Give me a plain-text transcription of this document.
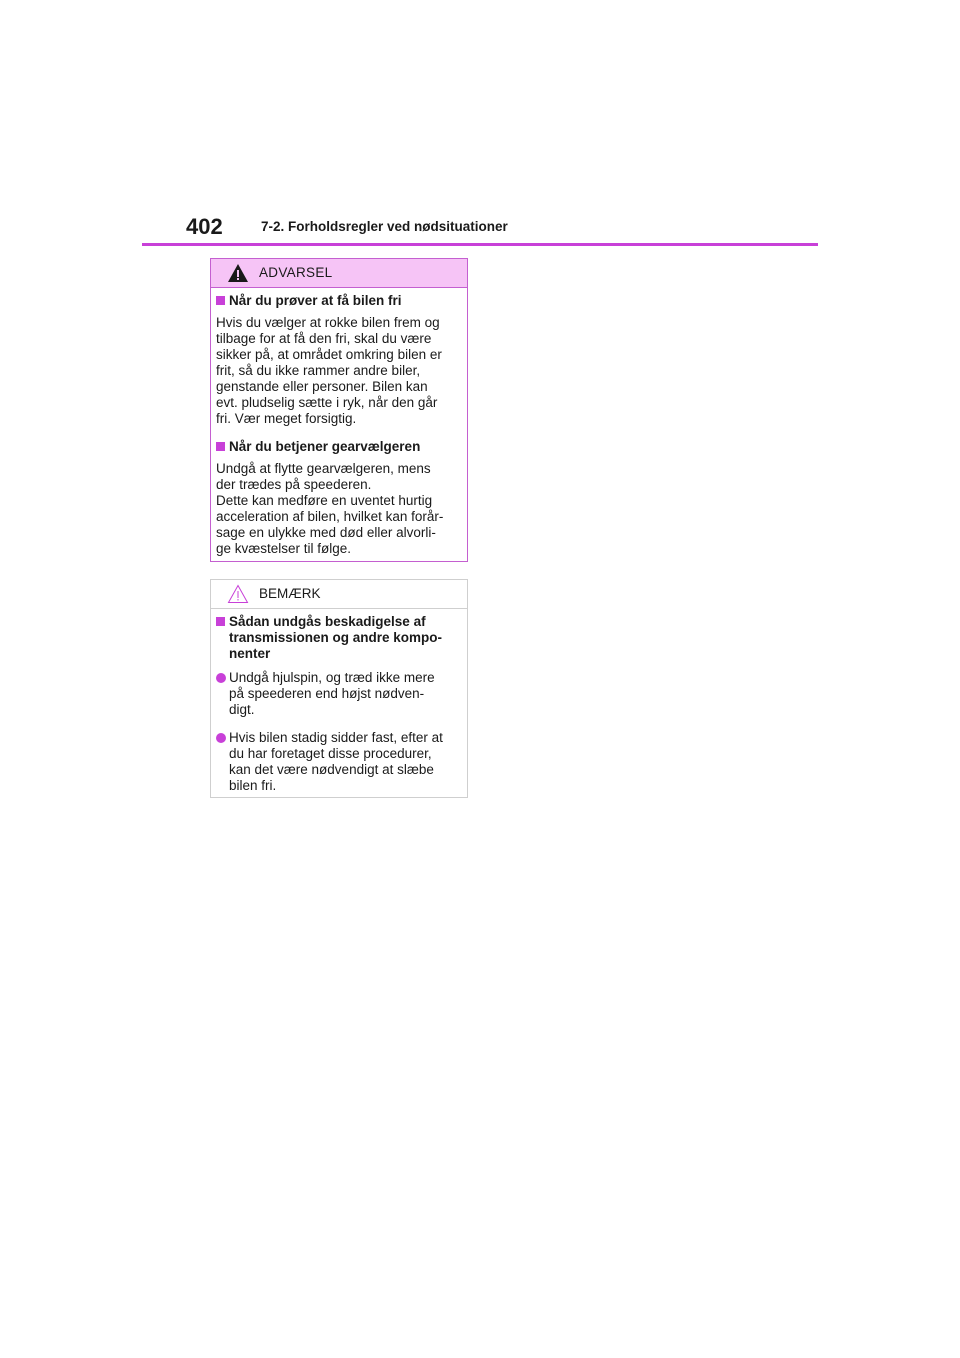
402	7-2. Forholdsregler ved nødsituationer
ADVARSEL
Når du prøver at få bilen fri
Hvis du vælger at rokke bilen frem og
tilbage for at få den fri, skal du være
sikker på, at området omkring bilen er
frit, så du ikke rammer andre biler,
genstande eller personer. Bilen kan
evt. pludselig sætte i ryk, når den går
fri. Vær meget forsigtig.
Når du betjener gearvælgeren
Undgå at flytte gearvælgeren, mens
der trædes på speederen.
Dette kan medføre en uventet hurtig
acceleration af bilen, hvilket kan forår-
sage en ulykke med død eller alvorli-
ge kvæstelser til følge.
BEMÆRK
Sådan undgås beskadigelse af
transmissionen og andre kompo-
nenter
Undgå hjulspin, og træd ikke mere
på speederen end højst nødven-
digt.
Hvis bilen stadig sidder fast, efter at
du har foretaget disse procedurer,
kan det være nødvendigt at slæbe
bilen fri.
